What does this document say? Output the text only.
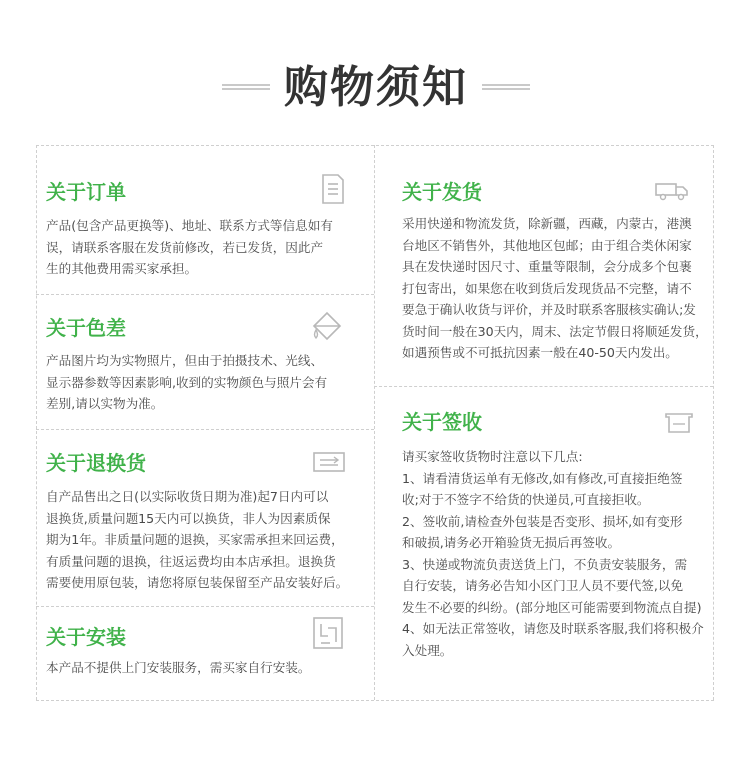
购物须知
关于订单

产品(包含产品更换等)、地址、联系方式等信息如有

误，请联系客服在发货前修改，若已发货，因此产

生的其他费用需买家承担。

关于色差

产品图片均为实物照片，但由于拍摄技术、光线、

显示器参数等因素影响,收到的实物颜色与照片会有

差别,请以实物为准。

关于退换货

自产品售出之日(以实际收货日期为准)起7日内可以

退换货,质量问题15天内可以换货，非人为因素质保

期为1年。非质量问题的退换，买家需承担来回运费，

有质量问题的退换，往返运费均由本店承担。退换货

需要使用原包装，请您将原包装保留至产品安装好后。

关于安装

本产品不提供上门安装服务，需买家自行安装。

关于发货

采用快递和物流发货，除新疆，西藏，内蒙古，港澳

台地区不销售外，其他地区包邮；由于组合类休闲家

具在发快递时因尺寸、重量等限制，会分成多个包裹

打包寄出，如果您在收到货后发现货品不完整，请不

要急于确认收货与评价，并及时联系客服核实确认;发

货时间一般在30天内，周末、法定节假日将顺延发货，

如遇预售或不可抵抗因素一般在40-50天内发出。

关于签收

请买家签收货物时注意以下几点:

1、请看清货运单有无修改,如有修改,可直接拒绝签

收;对于不签字不给货的快递员,可直接拒收。

2、签收前,请检查外包装是否变形、损坏,如有变形

和破损,请务必开箱验货无损后再签收。

3、快递或物流负责送货上门，不负责安装服务，需

自行安装，请务必告知小区门卫人员不要代签,以免

发生不必要的纠纷。(部分地区可能需要到物流点自提)

4、如无法正常签收，请您及时联系客服,我们将积极介

入处理。
